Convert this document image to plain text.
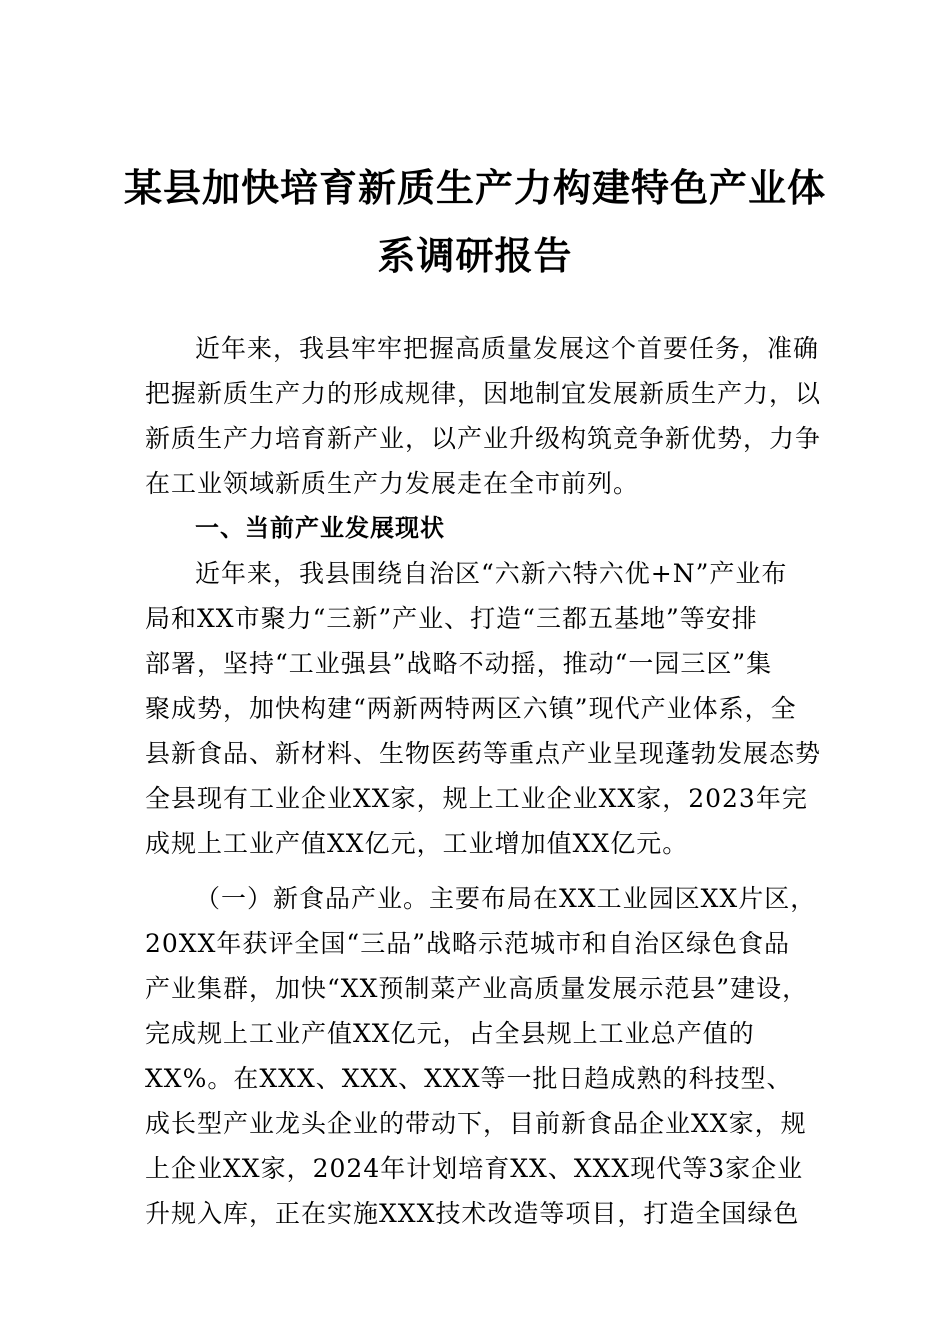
某县加快培育新质生产力构建特色产业体
系调研报告
近年来，我县牢牢把握高质量发展这个首要任务，准确
把握新质生产力的形成规律，因地制宜发展新质生产力，以
新质生产力培育新产业，以产业升级构筑竞争新优势，力争
在工业领域新质生产力发展走在全市前列。
一、当前产业发展现状
近年来，我县围绕自治区“六新六特六优+N”产业布
局和XX市聚力“三新”产业、打造“三都五基地”等安排
部署，坚持“工业强县”战略不动摇，推动“一园三区”集
聚成势，加快构建“两新两特两区六镇”现代产业体系，全
县新食品、新材料、生物医药等重点产业呈现蓬勃发展态势
全县现有工业企业XX家，规上工业企业XX家，2023年完
成规上工业产值XX亿元，工业增加值XX亿元。
（一）新食品产业。主要布局在XX工业园区XX片区，
20XX年获评全国“三品”战略示范城市和自治区绿色食品
产业集群，加快“XX预制菜产业高质量发展示范县”建设，
完成规上工业产值XX亿元，占全县规上工业总产值的
XX%。在XXX、XXX、XXX等一批日趋成熟的科技型、
成长型产业龙头企业的带动下，目前新食品企业XX家，规
上企业XX家，2024年计划培育XX、XXX现代等3家企业
升规入库，正在实施XXX技术改造等项目，打造全国绿色
